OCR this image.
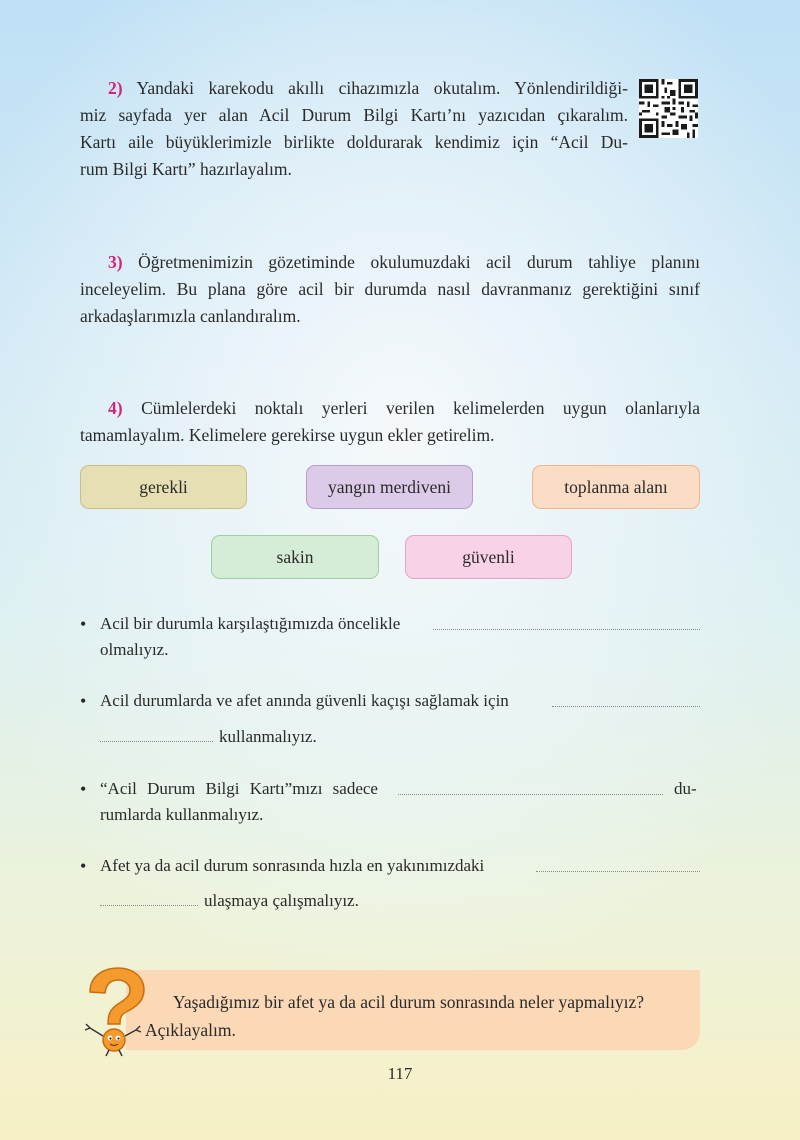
2) Yandaki karekodu akıllı cihazımızla okutalım. Yönlendirildiği-
miz sayfada yer alan Acil Durum Bilgi Kartı’nı yazıcıdan çıkaralım.
Kartı aile büyüklerimizle birlikte doldurarak kendimiz için “Acil Du-
rum Bilgi Kartı” hazırlayalım.
3) Öğretmenimizin gözetiminde okulumuzdaki acil durum tahliye planını inceleyelim. Bu plana göre acil bir durumda nasıl davranmanız gerektiğini sınıf arkadaşlarımızla canlandıralım.
4) Cümlelerdeki noktalı yerleri verilen kelimelerden uygun olanlarıyla tamamlayalım. Kelimelere gerekirse uygun ekler getirelim.
gerekli	yangın merdiveni	toplanma alanı
sakin	güvenli
• Acil bir durumla karşılaştığımızda öncelikle
olmalıyız.
• Acil durumlarda ve afet anında güvenli kaçışı sağlamak için
kullanmalıyız.
• “Acil Durum Bilgi Kartı”mızı sadece	du-
rumlarda kullanmalıyız.
• Afet ya da acil durum sonrasında hızla en yakınımızdaki
ulaşmaya çalışmalıyız.
Yaşadığımız bir afet ya da acil durum sonrasında neler yapmalıyız?
Açıklayalım.
117
